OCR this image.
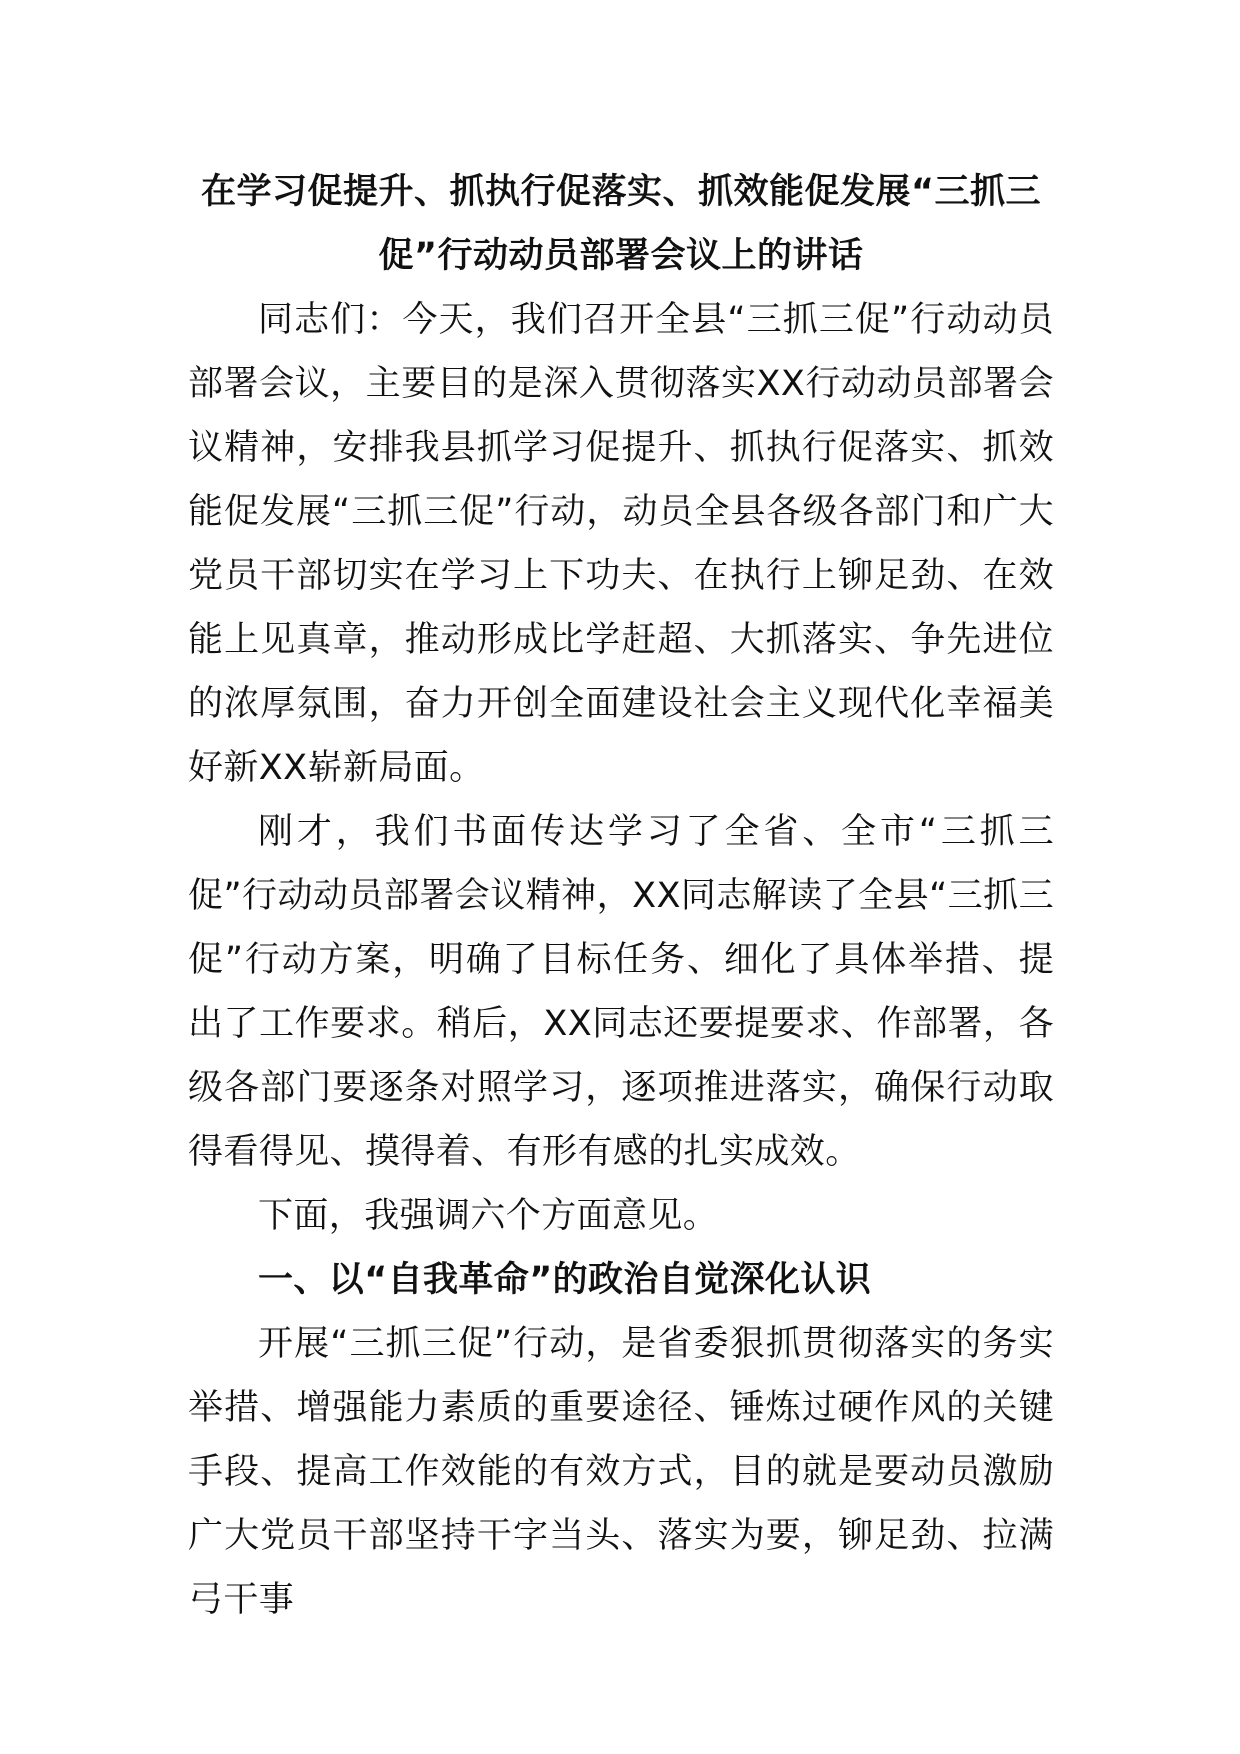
在学习促提升、抓执行促落实、抓效能促发展“三抓三
促”行动动员部署会议上的讲话

同志们：今天，我们召开全县“三抓三促”行动动员部署会议，主要目的是深入贯彻落实XX行动动员部署会议精神，安排我县抓学习促提升、抓执行促落实、抓效能促发展“三抓三促”行动，动员全县各级各部门和广大党员干部切实在学习上下功夫、在执行上铆足劲、在效能上见真章，推动形成比学赶超、大抓落实、争先进位的浓厚氛围，奋力开创全面建设社会主义现代化幸福美好新XX崭新局面。

刚才，我们书面传达学习了全省、全市“三抓三促”行动动员部署会议精神，XX同志解读了全县“三抓三促”行动方案，明确了目标任务、细化了具体举措、提出了工作要求。稍后，XX同志还要提要求、作部署，各级各部门要逐条对照学习，逐项推进落实，确保行动取得看得见、摸得着、有形有感的扎实成效。

下面，我强调六个方面意见。

一、以“自我革命”的政治自觉深化认识

开展“三抓三促”行动，是省委狠抓贯彻落实的务实举措、增强能力素质的重要途径、锤炼过硬作风的关键手段、提高工作效能的有效方式，目的就是要动员激励广大党员干部坚持干字当头、落实为要，铆足劲、拉满弓干事
